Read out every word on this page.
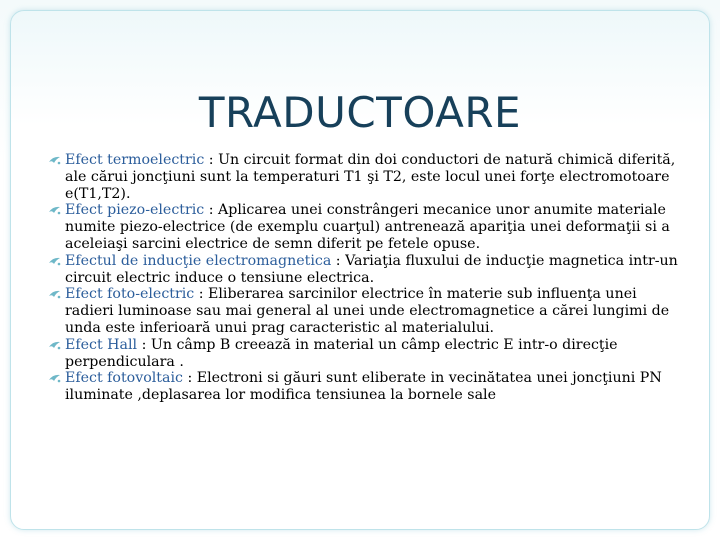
TRADUCTOARE

Efect termoelectric : Un circuit format din doi conductori de natură chimică diferită, ale cărui joncţiuni sunt la temperaturi T1 şi T2, este locul unei forţe electromotoare e(T1,T2).

Efect piezo-electric : Aplicarea unei constrângeri mecanice unor anumite materiale numite piezo-electrice (de exemplu cuarţul) antrenează apariţia unei deformaţii si a aceleiaşi sarcini electrice de semn diferit pe fetele opuse.

Efectul de inducţie electromagnetica : Variaţia fluxului de inducţie magnetica intr-un circuit electric induce o tensiune electrica.

Efect foto-electric : Eliberarea sarcinilor electrice în materie sub influenţa unei radieri luminoase sau mai general al unei unde electromagnetice a cărei lungimi de unda este inferioară unui prag caracteristic al materialului.

Efect Hall : Un câmp B creează in material un câmp electric E intr-o direcţie perpendiculara .

Efect fotovoltaic : Electroni si găuri sunt eliberate in vecinătatea unei joncţiuni PN iluminate ,deplasarea lor modifica tensiunea la bornele sale
